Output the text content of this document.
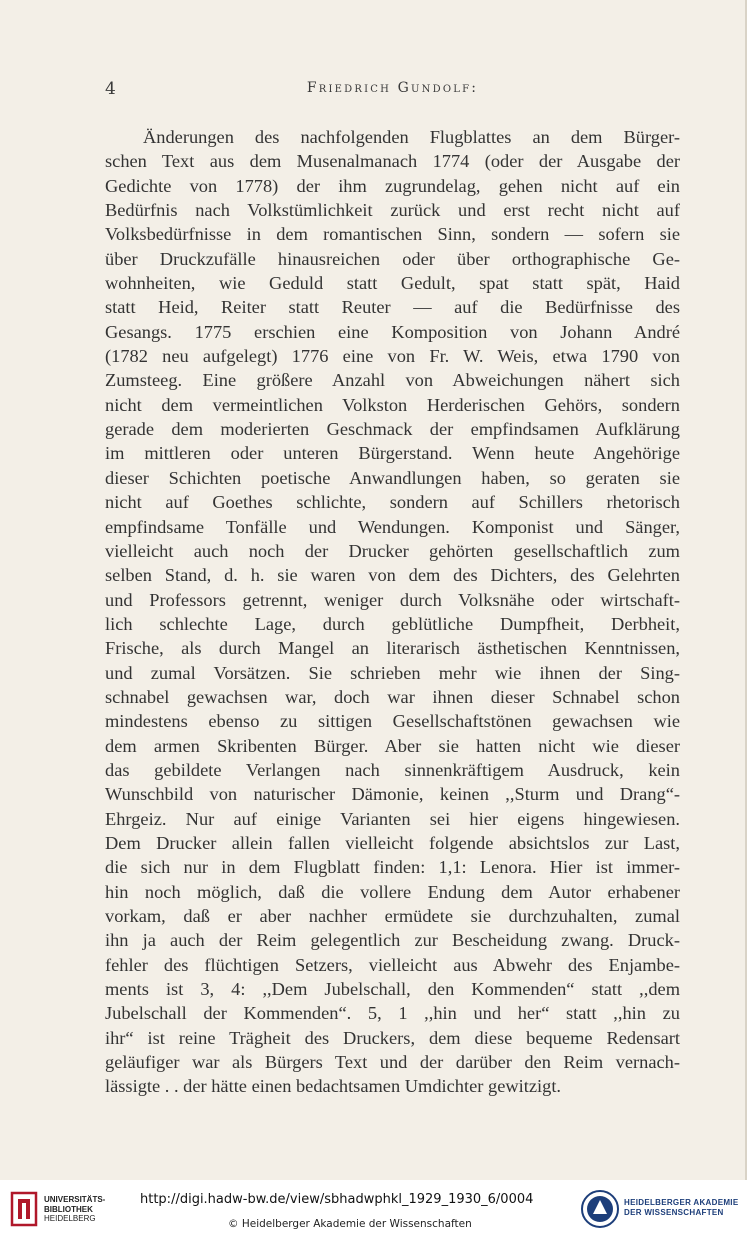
4	Friedrich Gundolf:
Änderungen des nachfolgenden Flugblattes an dem Bürger-
schen Text aus dem Musenalmanach 1774 (oder der Ausgabe der
Gedichte von 1778) der ihm zugrundelag, gehen nicht auf ein
Bedürfnis nach Volkstümlichkeit zurück und erst recht nicht auf
Volksbedürfnisse in dem romantischen Sinn, sondern — sofern sie
über Druckzufälle hinausreichen oder über orthographische Ge-
wohnheiten, wie Geduld statt Gedult, spat statt spät, Haid
statt Heid, Reiter statt Reuter — auf die Bedürfnisse des
Gesangs. 1775 erschien eine Komposition von Johann André
(1782 neu aufgelegt) 1776 eine von Fr. W. Weis, etwa 1790 von
Zumsteeg. Eine größere Anzahl von Abweichungen nähert sich
nicht dem vermeintlichen Volkston Herderischen Gehörs, sondern
gerade dem moderierten Geschmack der empfindsamen Aufklärung
im mittleren oder unteren Bürgerstand. Wenn heute Angehörige
dieser Schichten poetische Anwandlungen haben, so geraten sie
nicht auf Goethes schlichte, sondern auf Schillers rhetorisch
empfindsame Tonfälle und Wendungen. Komponist und Sänger,
vielleicht auch noch der Drucker gehörten gesellschaftlich zum
selben Stand, d. h. sie waren von dem des Dichters, des Gelehrten
und Professors getrennt, weniger durch Volksnähe oder wirtschaft-
lich schlechte Lage, durch geblütliche Dumpfheit, Derbheit,
Frische, als durch Mangel an literarisch ästhetischen Kenntnissen,
und zumal Vorsätzen. Sie schrieben mehr wie ihnen der Sing-
schnabel gewachsen war, doch war ihnen dieser Schnabel schon
mindestens ebenso zu sittigen Gesellschaftstönen gewachsen wie
dem armen Skribenten Bürger. Aber sie hatten nicht wie dieser
das gebildete Verlangen nach sinnenkräftigem Ausdruck, kein
Wunschbild von naturischer Dämonie, keinen ,,Sturm und Drang“-
Ehrgeiz. Nur auf einige Varianten sei hier eigens hingewiesen.
Dem Drucker allein fallen vielleicht folgende absichtslos zur Last,
die sich nur in dem Flugblatt finden: 1,1: Lenora. Hier ist immer-
hin noch möglich, daß die vollere Endung dem Autor erhabener
vorkam, daß er aber nachher ermüdete sie durchzuhalten, zumal
ihn ja auch der Reim gelegentlich zur Bescheidung zwang. Druck-
fehler des flüchtigen Setzers, vielleicht aus Abwehr des Enjambe-
ments ist 3, 4: ,,Dem Jubelschall, den Kommenden“ statt ,,dem
Jubelschall der Kommenden“. 5, 1 ,,hin und her“ statt ,,hin zu
ihr“ ist reine Trägheit des Druckers, dem diese bequeme Redensart
geläufiger war als Bürgers Text und der darüber den Reim vernach-
lässigte . . der hätte einen bedachtsamen Umdichter gewitzigt.
UNIVERSITÄTS-
BIBLIOTHEK
HEIDELBERG
http://digi.hadw-bw.de/view/sbhadwphkl_1929_1930_6/0004
© Heidelberger Akademie der Wissenschaften
HEIDELBERGER AKADEMIE
DER WISSENSCHAFTEN
